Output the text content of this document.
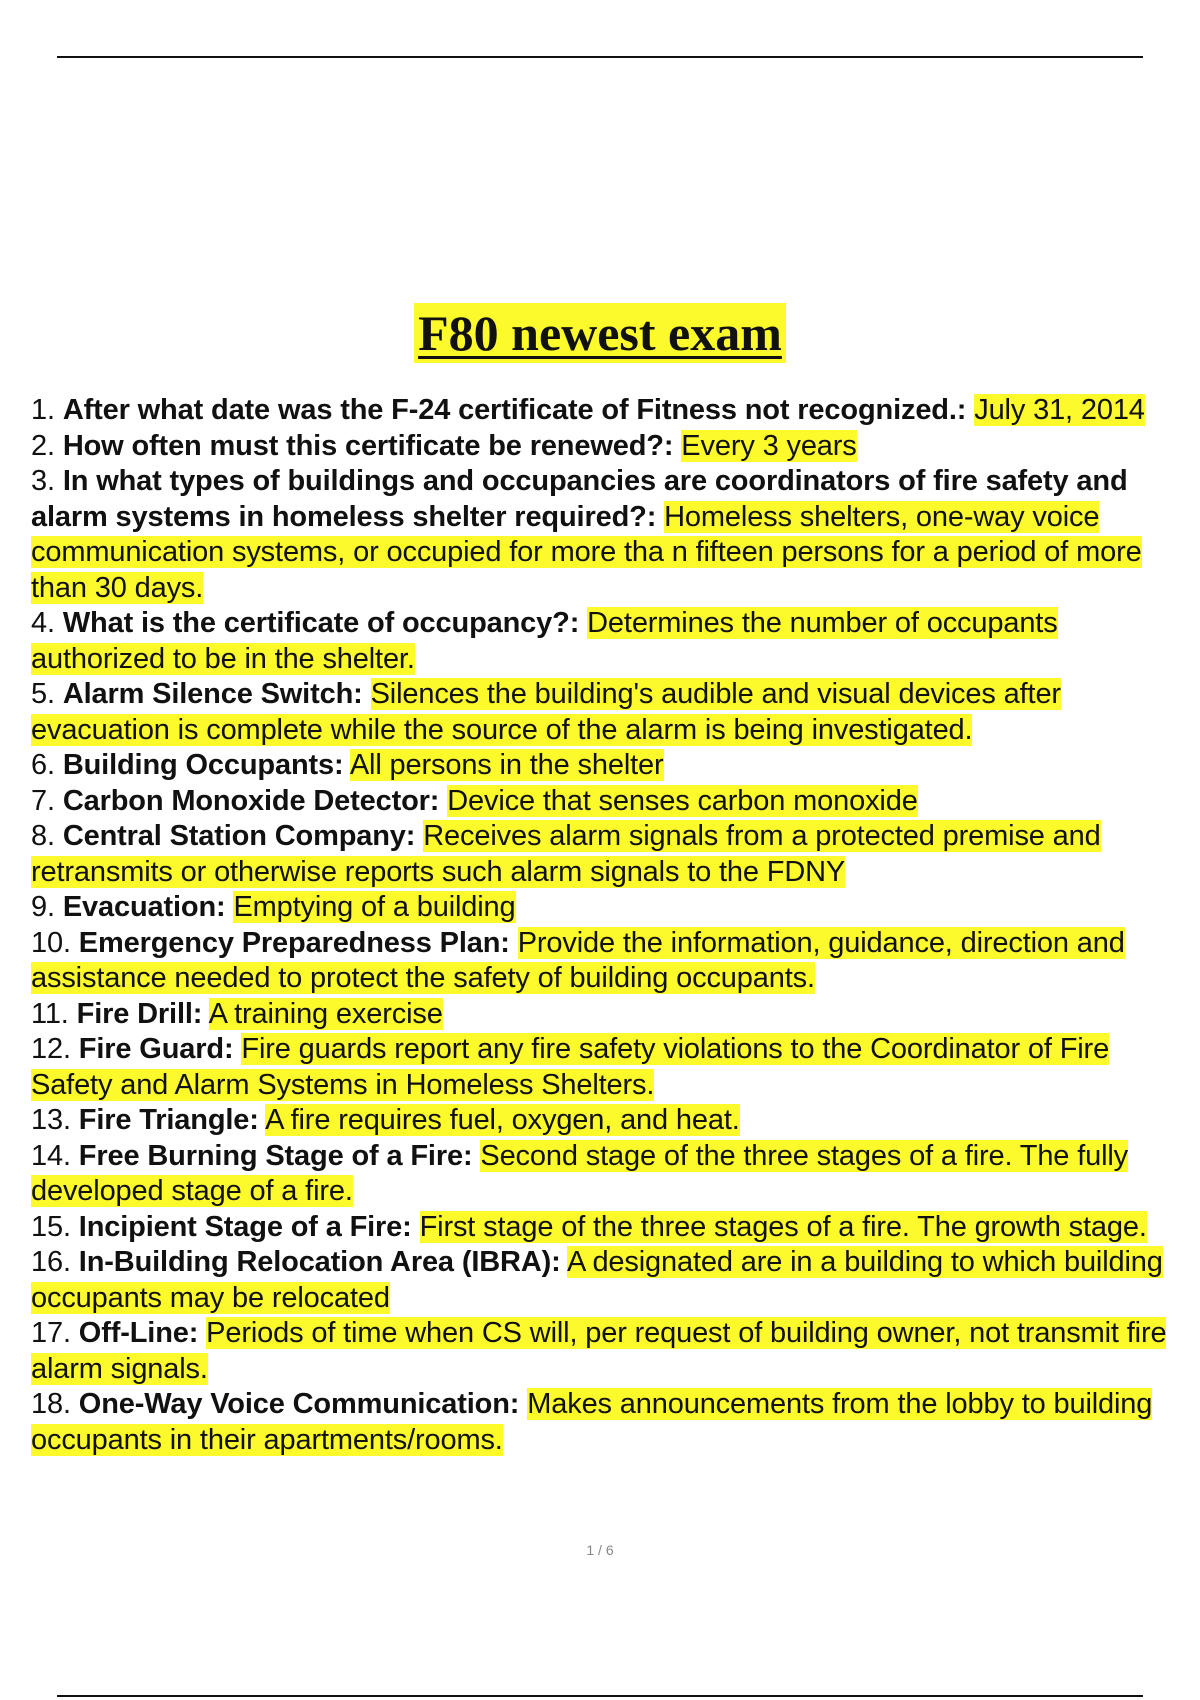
F80 newest exam

1. After what date was the F-24 certificate of Fitness not recognized.: July 31, 2014

2. How often must this certificate be renewed?: Every 3 years

3. In what types of buildings and occupancies are coordinators of fire safety and alarm systems in homeless shelter required?: Homeless shelters, one-way voice communication systems, or occupied for more tha n fifteen persons for a period of more than 30 days.

4. What is the certificate of occupancy?: Determines the number of occupants authorized to be in the shelter.

5. Alarm Silence Switch: Silences the building's audible and visual devices after evacuation is complete while the source of the alarm is being investigated.

6. Building Occupants: All persons in the shelter

7. Carbon Monoxide Detector: Device that senses carbon monoxide

8. Central Station Company: Receives alarm signals from a protected premise and retransmits or otherwise reports such alarm signals to the FDNY

9. Evacuation: Emptying of a building

10. Emergency Preparedness Plan: Provide the information, guidance, direction and assistance needed to protect the safety of building occupants.

11. Fire Drill: A training exercise

12. Fire Guard: Fire guards report any fire safety violations to the Coordinator of Fire Safety and Alarm Systems in Homeless Shelters.

13. Fire Triangle: A fire requires fuel, oxygen, and heat.

14. Free Burning Stage of a Fire: Second stage of the three stages of a fire. The fully developed stage of a fire.

15. Incipient Stage of a Fire: First stage of the three stages of a fire. The growth stage.

16. In-Building Relocation Area (IBRA): A designated are in a building to which building occupants may be relocated

17. Off-Line: Periods of time when CS will, per request of building owner, not transmit fire alarm signals.

18. One-Way Voice Communication: Makes announcements from the lobby to building occupants in their apartments/rooms.

1 / 6
